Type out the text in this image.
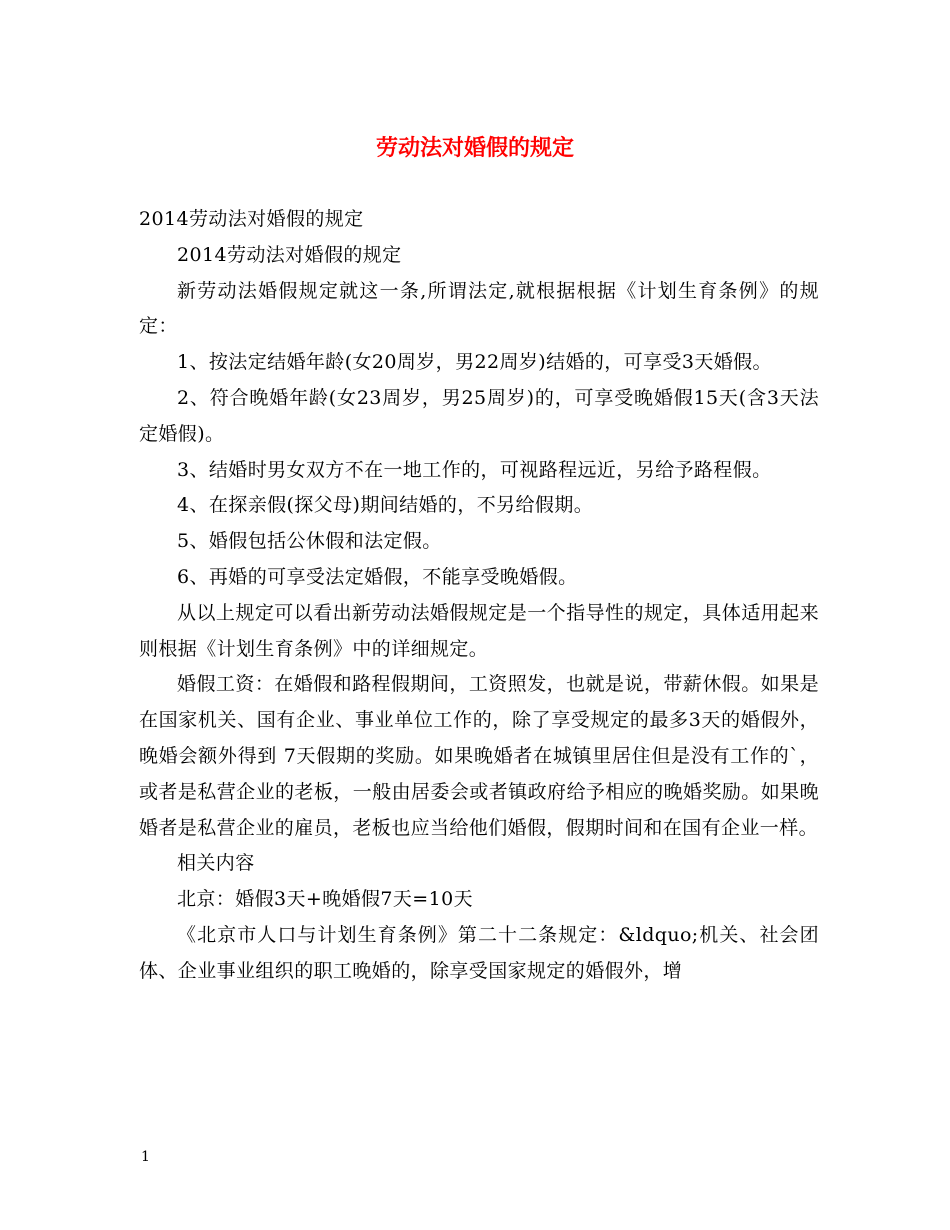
劳动法对婚假的规定

2014劳动法对婚假的规定

2014劳动法对婚假的规定

新劳动法婚假规定就这一条,所谓法定,就根据根据《计划生育条例》的规定：

1、按法定结婚年龄(女20周岁，男22周岁)结婚的，可享受3天婚假。

2、符合晚婚年龄(女23周岁，男25周岁)的，可享受晚婚假15天(含3天法定婚假)。

3、结婚时男女双方不在一地工作的，可视路程远近，另给予路程假。

4、在探亲假(探父母)期间结婚的，不另给假期。

5、婚假包括公休假和法定假。

6、再婚的可享受法定婚假，不能享受晚婚假。

从以上规定可以看出新劳动法婚假规定是一个指导性的规定，具体适用起来则根据《计划生育条例》中的详细规定。

婚假工资：在婚假和路程假期间，工资照发，也就是说，带薪休假。如果是在国家机关、国有企业、事业单位工作的，除了享受规定的最多3天的婚假外，晚婚会额外得到 7天假期的奖励。如果晚婚者在城镇里居住但是没有工作的`，或者是私营企业的老板，一般由居委会或者镇政府给予相应的晚婚奖励。如果晚婚者是私营企业的雇员，老板也应当给他们婚假，假期时间和在国有企业一样。

相关内容

北京：婚假3天+晚婚假7天=10天

《北京市人口与计划生育条例》第二十二条规定：&ldquo;机关、社会团体、企业事业组织的职工晚婚的，除享受国家规定的婚假外，增

1
